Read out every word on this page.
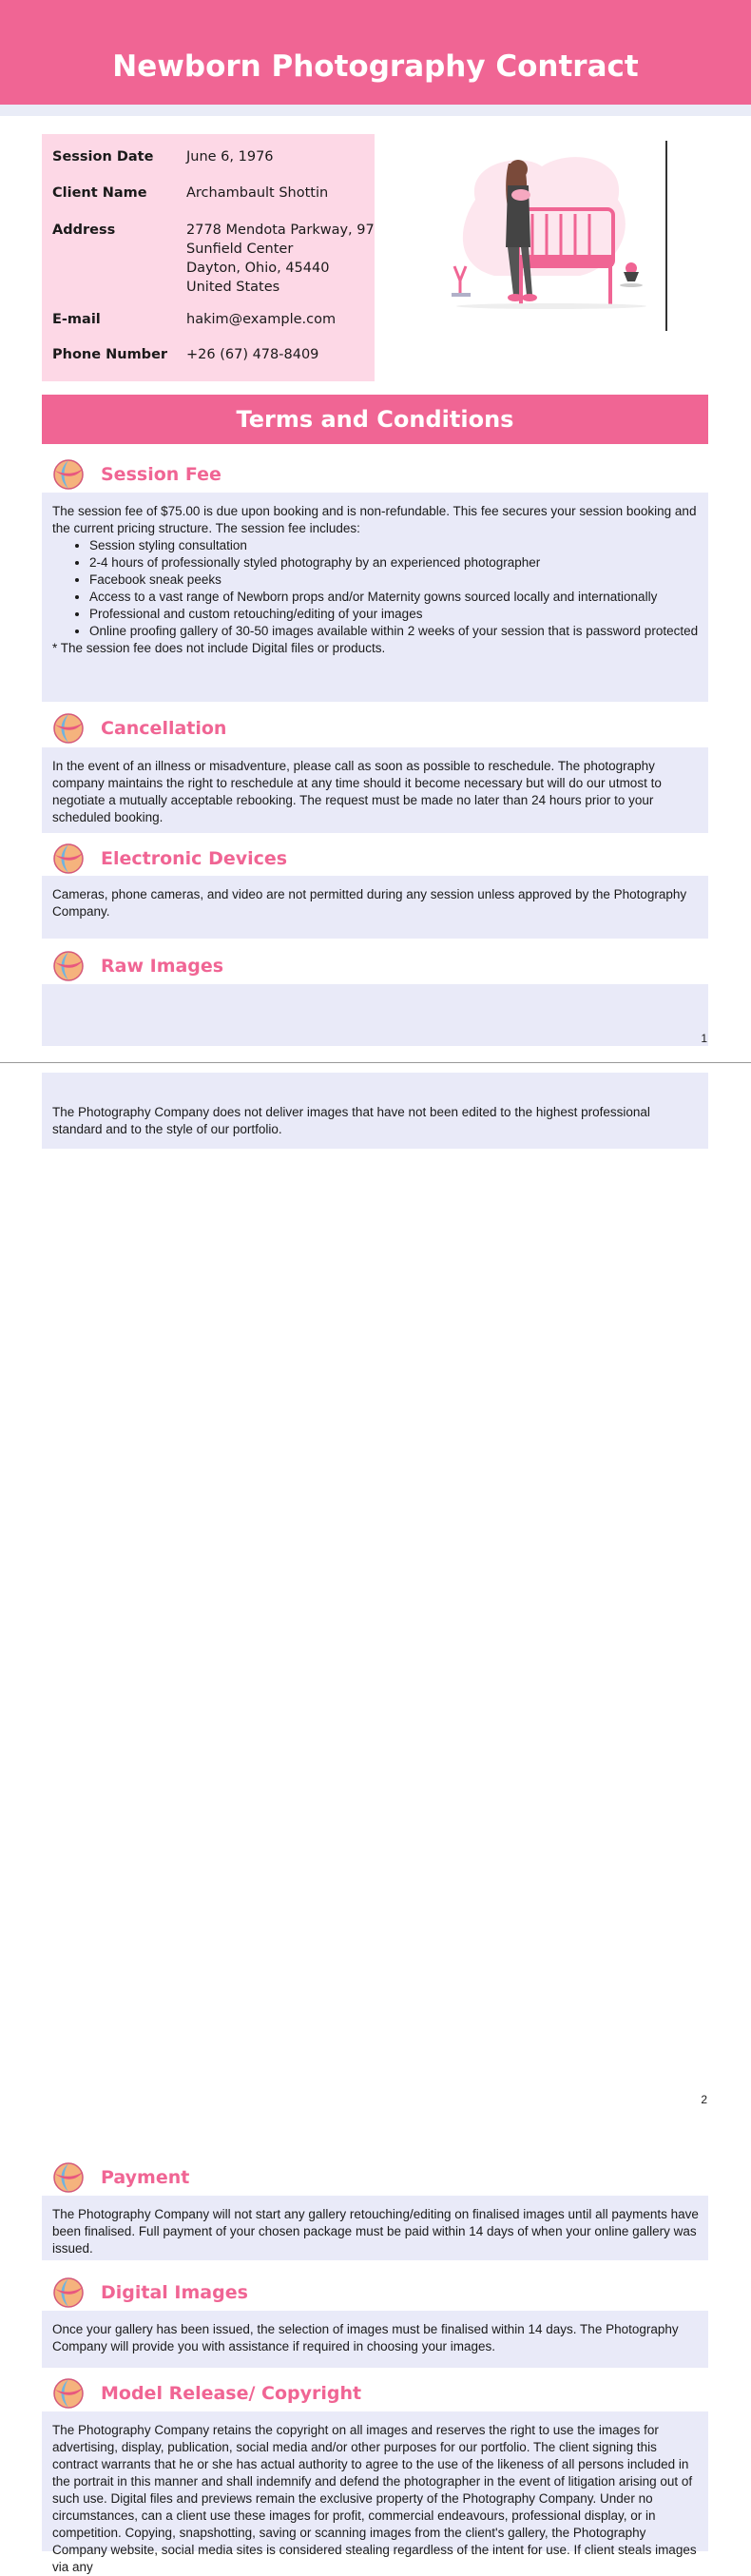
Newborn Photography Contract
Session Date	June 6, 1976
Client Name	Archambault Shottin
Address	2778 Mendota Parkway, 97
Sunfield Center
Dayton, Ohio, 45440
United States
E-mail	hakim@example.com
Phone Number	+26 (67) 478-8409
Terms and Conditions
Session Fee

The session fee of $75.00 is due upon booking and is non-refundable. This fee secures your session booking and the current pricing structure. The session fee includes:

• Session styling consultation
• 2-4 hours of professionally styled photography by an experienced photographer
• Facebook sneak peeks
• Access to a vast range of Newborn props and/or Maternity gowns sourced locally and internationally
• Professional and custom retouching/editing of your images
• Online proofing gallery of 30-50 images available within 2 weeks of your session that is password protected

* The session fee does not include Digital files or products.

Cancellation

In the event of an illness or misadventure, please call as soon as possible to reschedule. The photography company maintains the right to reschedule at any time should it become necessary but will do our utmost to negotiate a mutually acceptable rebooking. The request must be made no later than 24 hours prior to your scheduled booking.

Electronic Devices

Cameras, phone cameras, and video are not permitted during any session unless approved by the Photography Company.

Raw Images
1

The Photography Company does not deliver images that have not been edited to the highest professional standard and to the style of our portfolio.

2
Payment

The Photography Company will not start any gallery retouching/editing on finalised images until all payments have been finalised. Full payment of your chosen package must be paid within 14 days of when your online gallery was issued.

Digital Images

Once your gallery has been issued, the selection of images must be finalised within 14 days. The Photography Company will provide you with assistance if required in choosing your images.

Model Release/ Copyright

The Photography Company retains the copyright on all images and reserves the right to use the images for advertising, display, publication, social media and/or other purposes for our portfolio. The client signing this contract warrants that he or she has actual authority to agree to the use of the likeness of all persons included in the portrait in this manner and shall indemnify and defend the photographer in the event of litigation arising out of such use. Digital files and previews remain the exclusive property of the Photography Company. Under no circumstances, can a client use these images for profit, commercial endeavours, professional display, or in competition. Copying, snapshotting, saving or scanning images from the client's gallery, the Photography Company website, social media sites is considered stealing regardless of the intent for use. If client steals images via any
